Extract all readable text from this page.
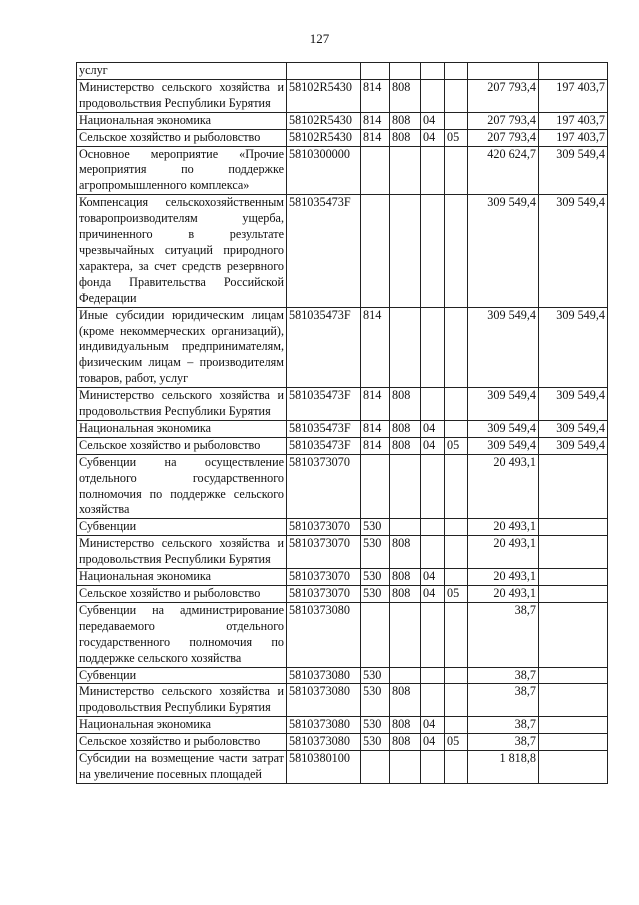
127
услуг							
Министерство сельского хозяйства и продовольствия Республики Бурятия	58102R5430	814	808			207 793,4	197 403,7
Национальная экономика	58102R5430	814	808	04		207 793,4	197 403,7
Сельское хозяйство и рыболовство	58102R5430	814	808	04	05	207 793,4	197 403,7
Основное мероприятие «Прочие мероприятия по поддержке агропромышленного комплекса»	5810300000					420 624,7	309 549,4
Компенсация сельскохозяйственным товаропроизводителям ущерба, причиненного в результате чрезвычайных ситуаций природного характера, за счет средств резервного фонда Правительства Российской Федерации	581035473F					309 549,4	309 549,4
Иные субсидии юридическим лицам (кроме некоммерческих организаций), индивидуальным предпринимателям, физическим лицам – производителям товаров, работ, услуг	581035473F	814				309 549,4	309 549,4
Министерство сельского хозяйства и продовольствия Республики Бурятия	581035473F	814	808			309 549,4	309 549,4
Национальная экономика	581035473F	814	808	04		309 549,4	309 549,4
Сельское хозяйство и рыболовство	581035473F	814	808	04	05	309 549,4	309 549,4
Субвенции на осуществление отдельного государственного полномочия по поддержке сельского хозяйства	5810373070					20 493,1	
Субвенции	5810373070	530				20 493,1	
Министерство сельского хозяйства и продовольствия Республики Бурятия	5810373070	530	808			20 493,1	
Национальная экономика	5810373070	530	808	04		20 493,1	
Сельское хозяйство и рыболовство	5810373070	530	808	04	05	20 493,1	
Субвенции на администрирование передаваемого отдельного государственного полномочия по поддержке сельского хозяйства	5810373080					38,7	
Субвенции	5810373080	530				38,7	
Министерство сельского хозяйства и продовольствия Республики Бурятия	5810373080	530	808			38,7	
Национальная экономика	5810373080	530	808	04		38,7	
Сельское хозяйство и рыболовство	5810373080	530	808	04	05	38,7	
Субсидии на возмещение части затрат на увеличение посевных площадей	5810380100					1 818,8	
